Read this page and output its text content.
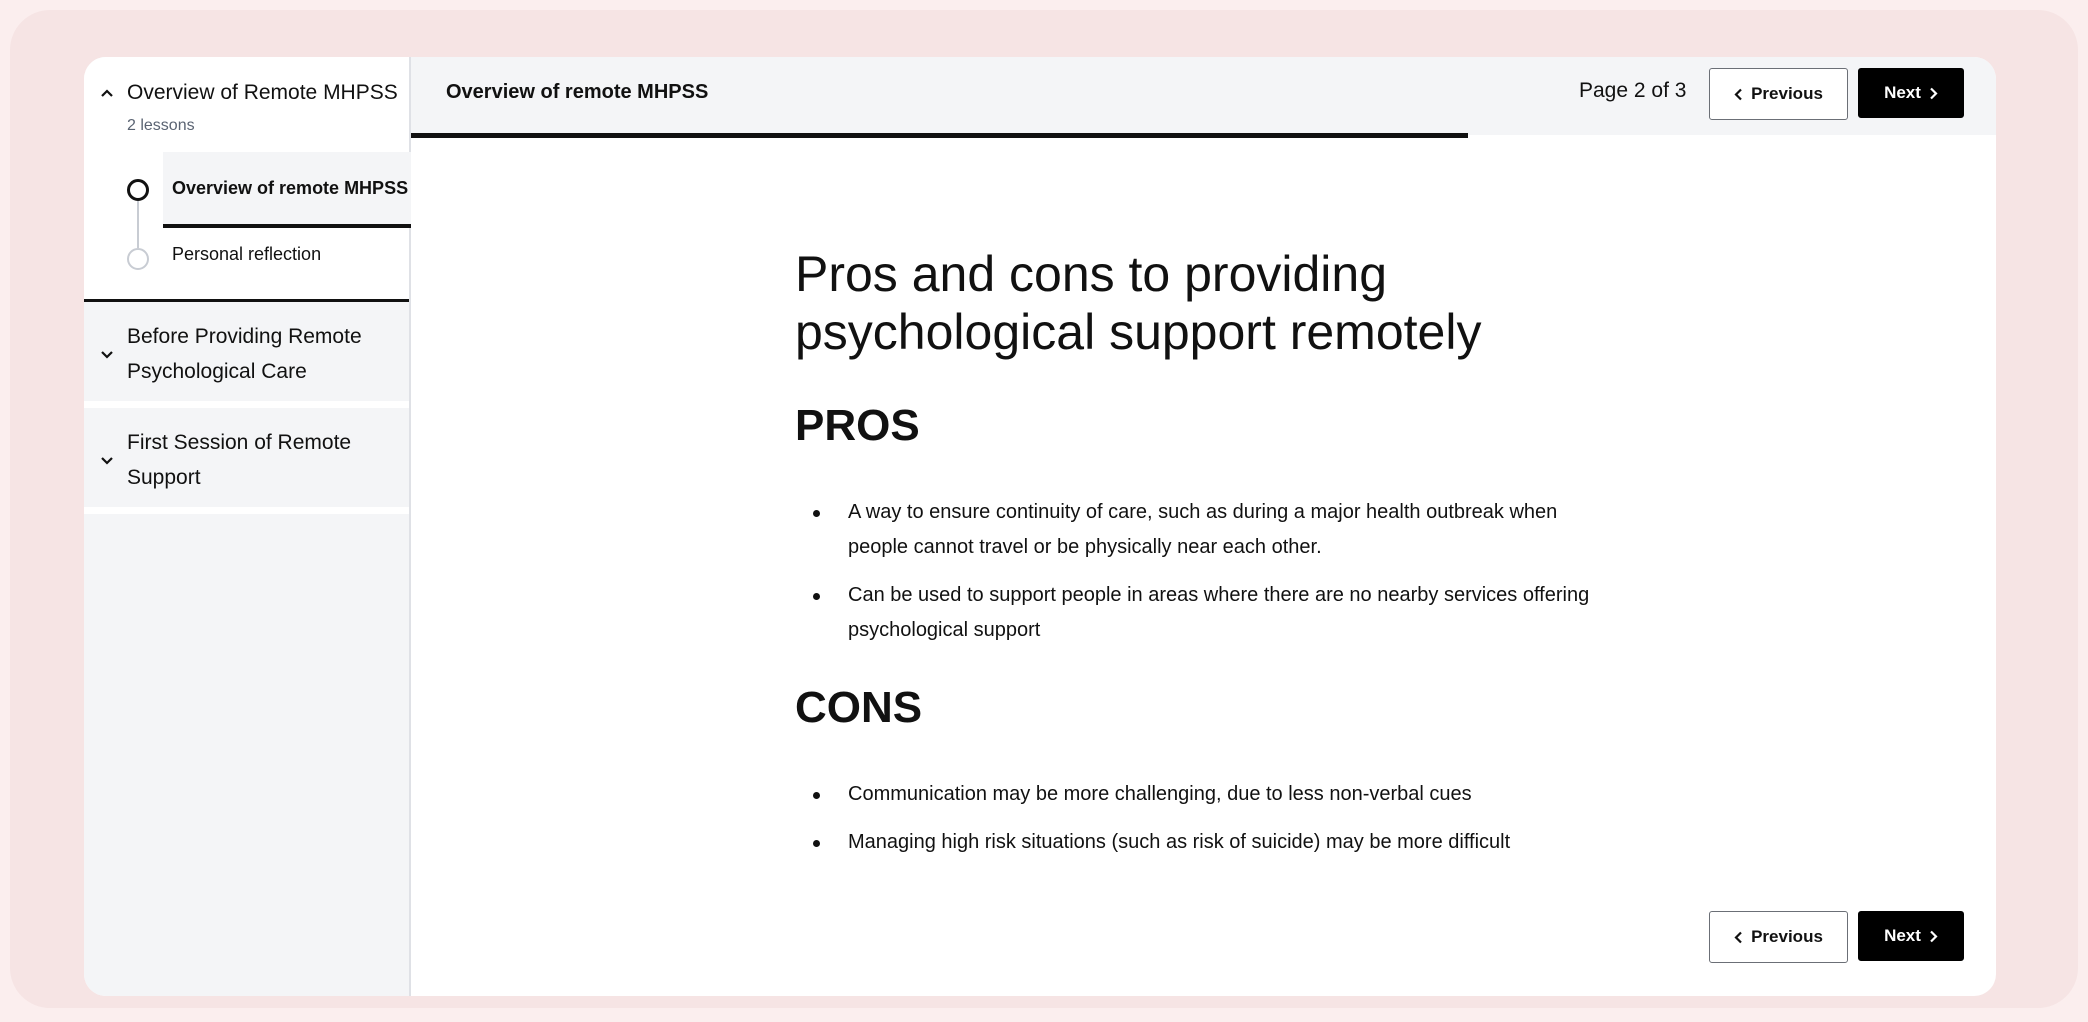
Overview of Remote MHPSS
2 lessons
Overview of remote MHPSS
Personal reflection
Before Providing Remote Psychological Care
First Session of Remote Support
Overview of remote MHPSS	Page 2 of 3	Previous	Next
Pros and cons to providing psychological support remotely
PROS
A way to ensure continuity of care, such as during a major health outbreak when people cannot travel or be physically near each other.
Can be used to support people in areas where there are no nearby services offering psychological support
CONS
Communication may be more challenging, due to less non-verbal cues
Managing high risk situations (such as risk of suicide) may be more difficult
Previous	Next
